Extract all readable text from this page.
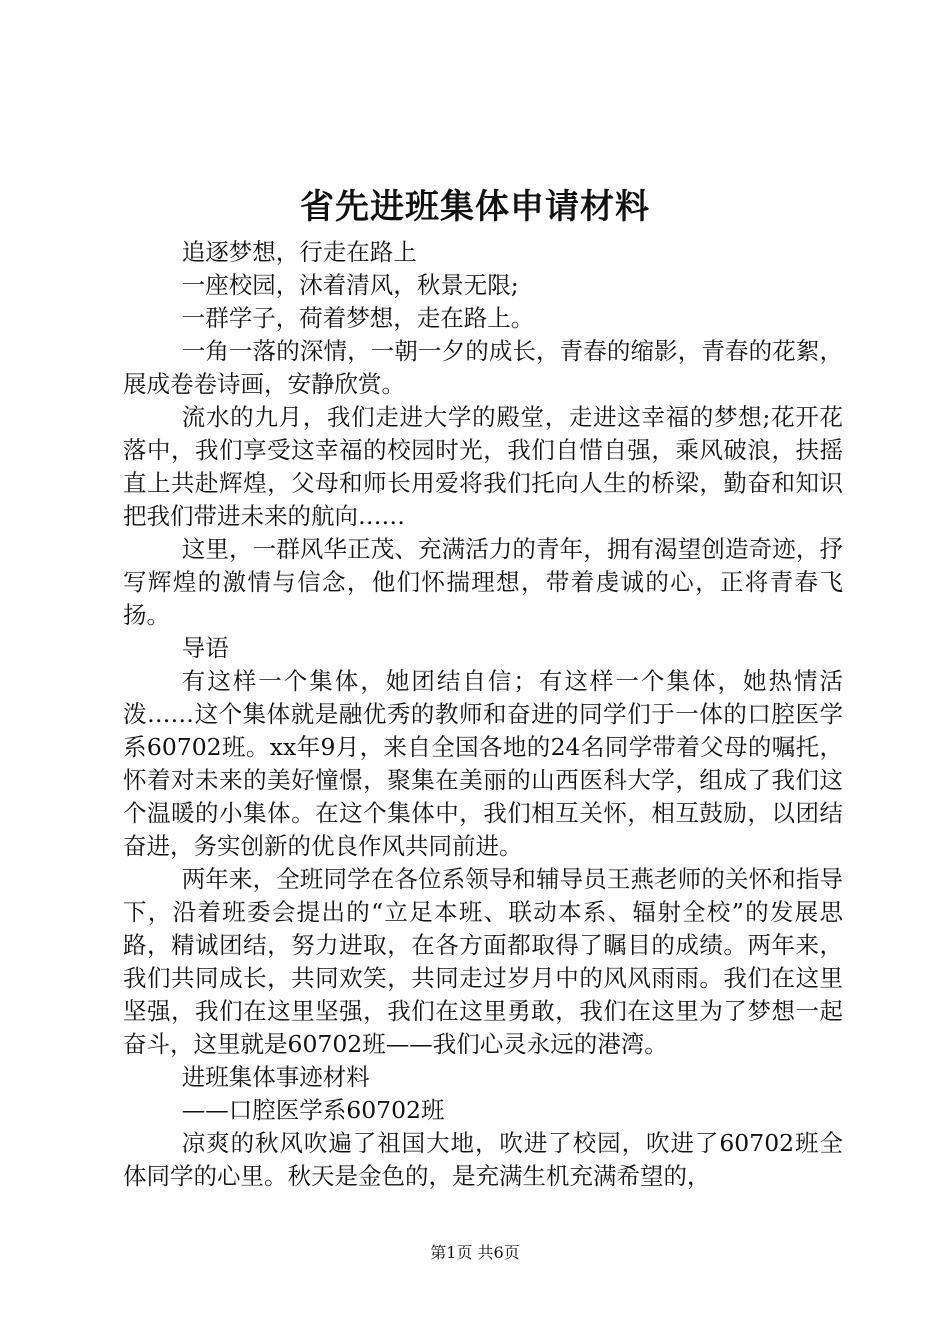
省先进班集体申请材料

追逐梦想，行走在路上

一座校园，沐着清风，秋景无限;

一群学子，荷着梦想，走在路上。

一角一落的深情，一朝一夕的成长，青春的缩影，青春的花絮，展成卷卷诗画，安静欣赏。

流水的九月，我们走进大学的殿堂，走进这幸福的梦想;花开花落中，我们享受这幸福的校园时光，我们自惜自强，乘风破浪，扶摇直上共赴辉煌，父母和师长用爱将我们托向人生的桥梁，勤奋和知识把我们带进未来的航向……

这里，一群风华正茂、充满活力的青年，拥有渴望创造奇迹，抒写辉煌的激情与信念，他们怀揣理想，带着虔诚的心，正将青春飞扬。

导语

有这样一个集体，她团结自信；有这样一个集体，她热情活泼……这个集体就是融优秀的教师和奋进的同学们于一体的口腔医学系60702班。xx年9月，来自全国各地的24名同学带着父母的嘱托，怀着对未来的美好憧憬，聚集在美丽的山西医科大学，组成了我们这个温暖的小集体。在这个集体中，我们相互关怀，相互鼓励，以团结奋进，务实创新的优良作风共同前进。

两年来，全班同学在各位系领导和辅导员王燕老师的关怀和指导下，沿着班委会提出的“立足本班、联动本系、辐射全校”的发展思路，精诚团结，努力进取，在各方面都取得了瞩目的成绩。两年来，我们共同成长，共同欢笑，共同走过岁月中的风风雨雨。我们在这里坚强，我们在这里坚强，我们在这里勇敢，我们在这里为了梦想一起奋斗，这里就是60702班——我们心灵永远的港湾。

进班集体事迹材料

——口腔医学系60702班

凉爽的秋风吹遍了祖国大地，吹进了校园，吹进了60702班全体同学的心里。秋天是金色的，是充满生机充满希望的，

第1页 共6页
